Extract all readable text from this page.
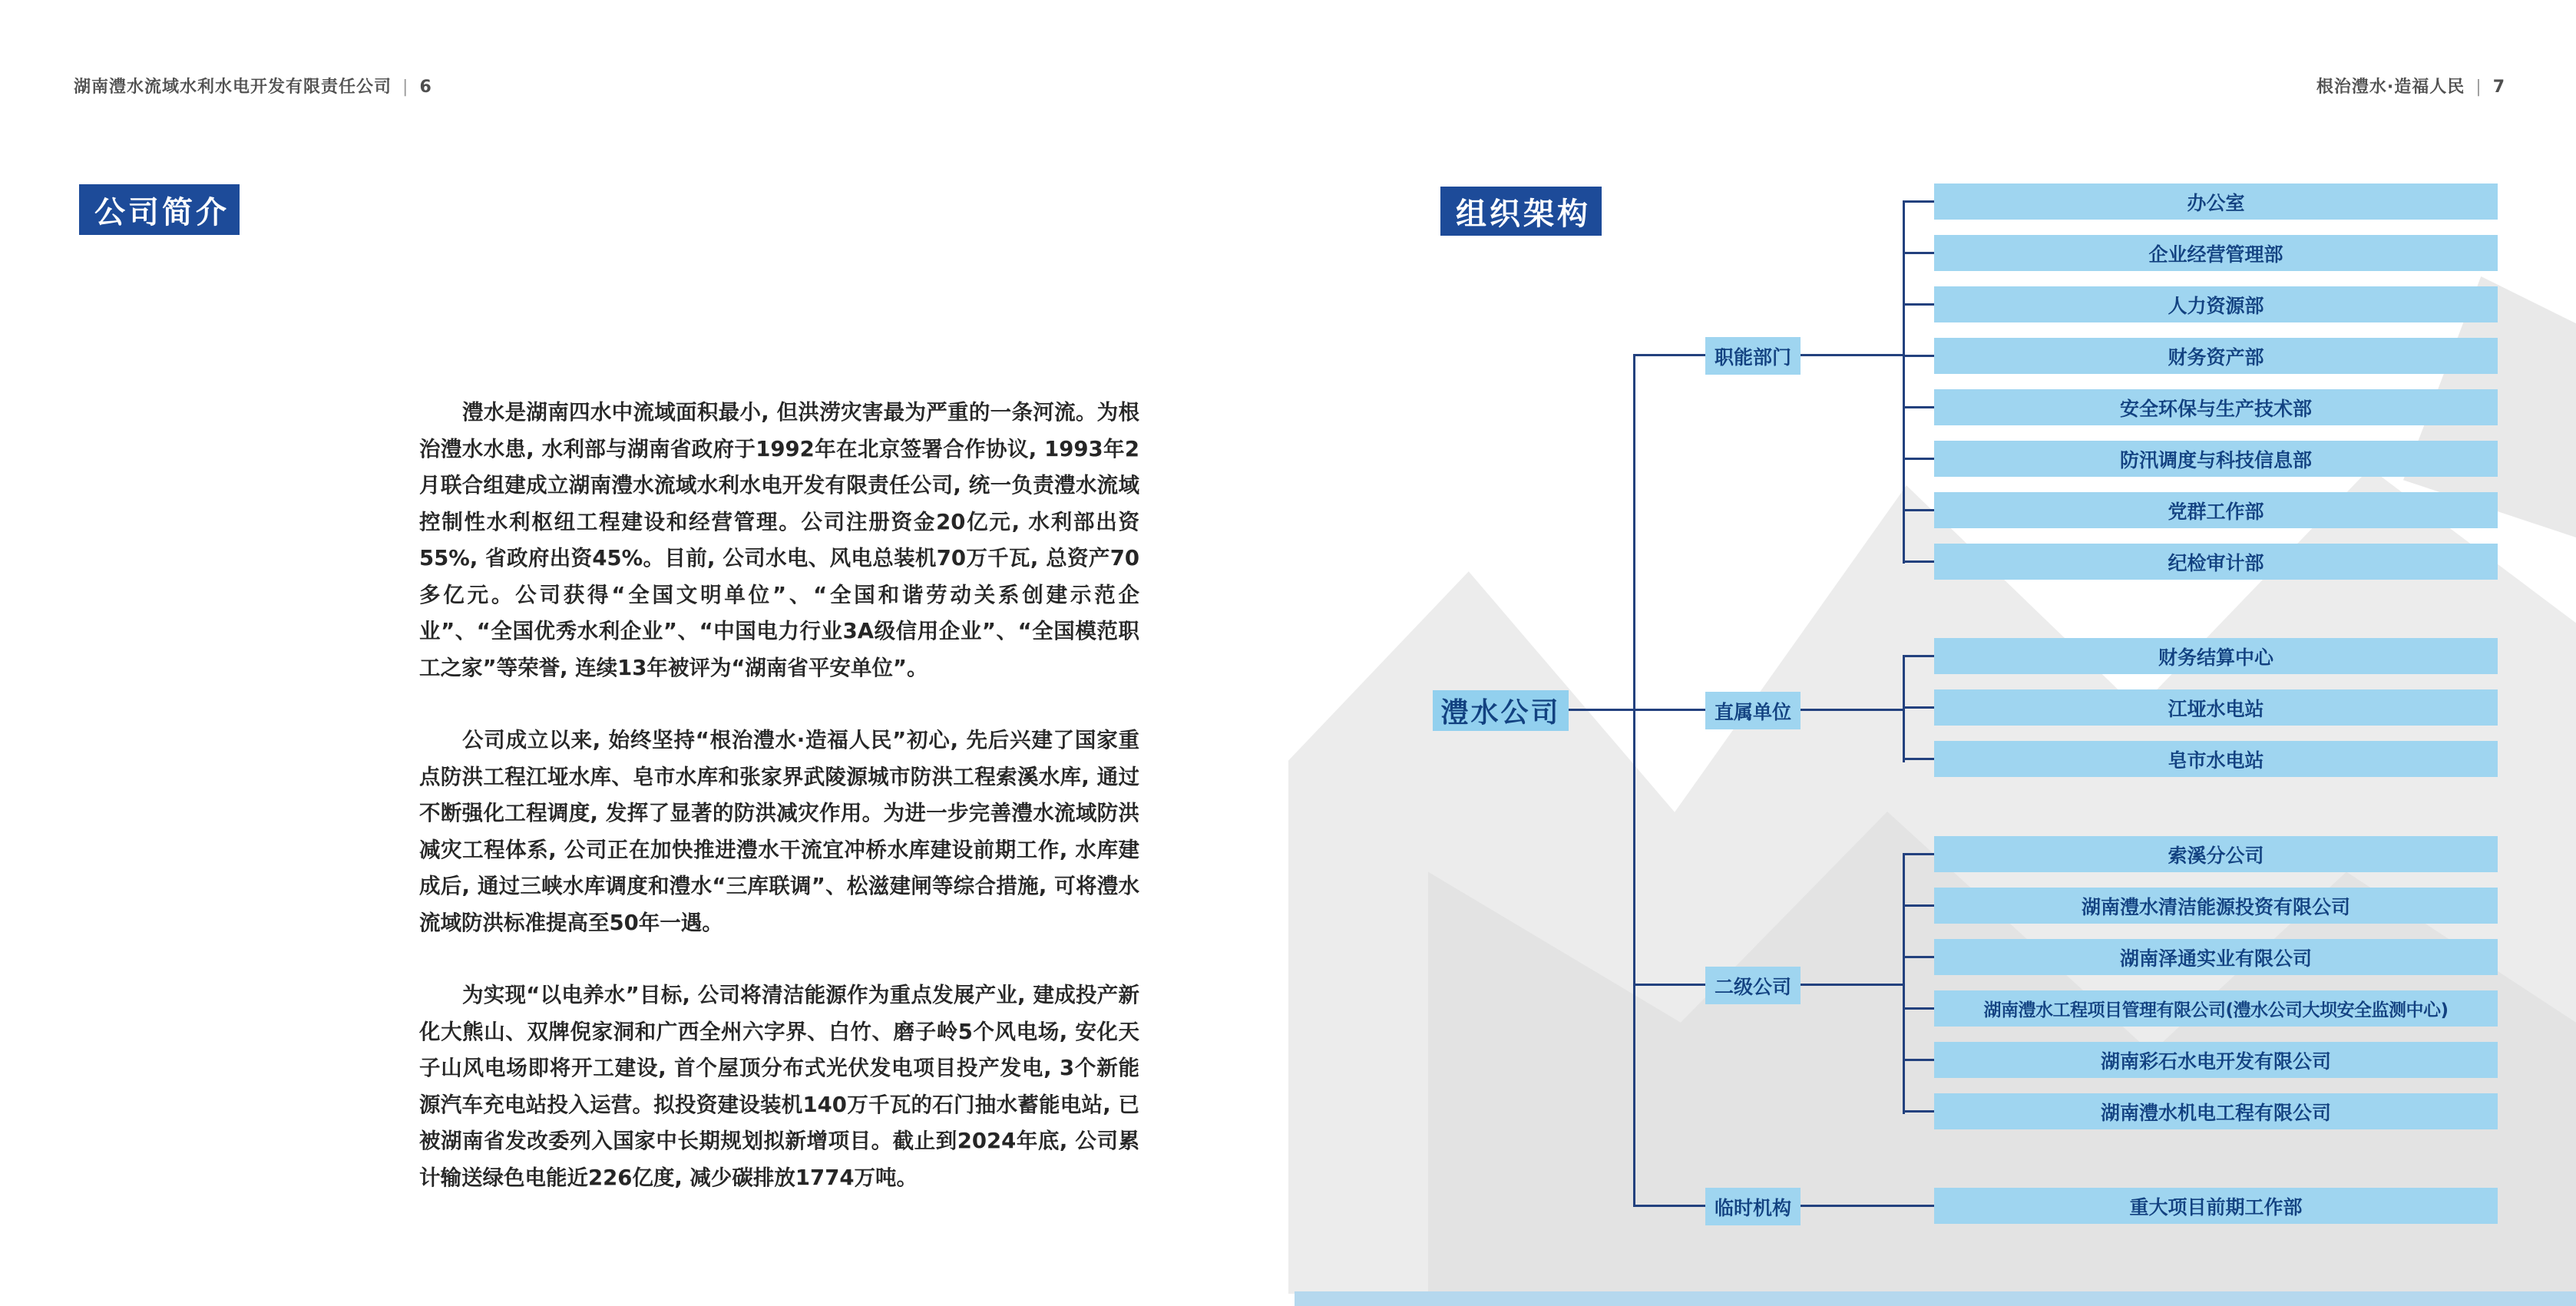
湖南澧水流域水利水电开发有限责任公司 | 6	根治澧水·造福人民 | 7
公司简介	组织架构

澧水是湖南四水中流域面积最小, 但洪涝灾害最为严重的一条河流。为根治澧水水患, 水利部与湖南省政府于1992年在北京签署合作协议, 1993年2月联合组建成立湖南澧水流域水利水电开发有限责任公司, 统一负责澧水流域控制性水利枢纽工程建设和经营管理。公司注册资金20亿元, 水利部出资55%, 省政府出资45%。目前, 公司水电、风电总装机70万千瓦, 总资产70多亿元。公司获得“全国文明单位”、“全国和谐劳动关系创建示范企业”、“全国优秀水利企业”、“中国电力行业3A级信用企业”、“全国模范职工之家”等荣誉, 连续13年被评为“湖南省平安单位”。

公司成立以来, 始终坚持“根治澧水·造福人民”初心, 先后兴建了国家重点防洪工程江垭水库、皂市水库和张家界武陵源城市防洪工程索溪水库, 通过不断强化工程调度, 发挥了显著的防洪减灾作用。为进一步完善澧水流域防洪减灾工程体系, 公司正在加快推进澧水干流宜冲桥水库建设前期工作, 水库建成后, 通过三峡水库调度和澧水“三库联调”、松滋建闸等综合措施, 可将澧水流域防洪标准提高至50年一遇。

为实现“以电养水”目标, 公司将清洁能源作为重点发展产业, 建成投产新化大熊山、双牌倪家洞和广西全州六字界、白竹、磨子岭5个风电场, 安化天子山风电场即将开工建设, 首个屋顶分布式光伏发电项目投产发电, 3个新能源汽车充电站投入运营。拟投资建设装机140万千瓦的石门抽水蓄能电站, 已被湖南省发改委列入国家中长期规划拟新增项目。截止到2024年底, 公司累计输送绿色电能近226亿度, 减少碳排放1774万吨。

澧水公司
职能部门
直属单位
二级公司
临时机构
办公室
企业经营管理部
人力资源部
财务资产部
安全环保与生产技术部
防汛调度与科技信息部
党群工作部
纪检审计部
财务结算中心
江垭水电站
皂市水电站
索溪分公司
湖南澧水清洁能源投资有限公司
湖南泽通实业有限公司
湖南澧水工程项目管理有限公司(澧水公司大坝安全监测中心)
湖南彩石水电开发有限公司
湖南澧水机电工程有限公司
重大项目前期工作部
